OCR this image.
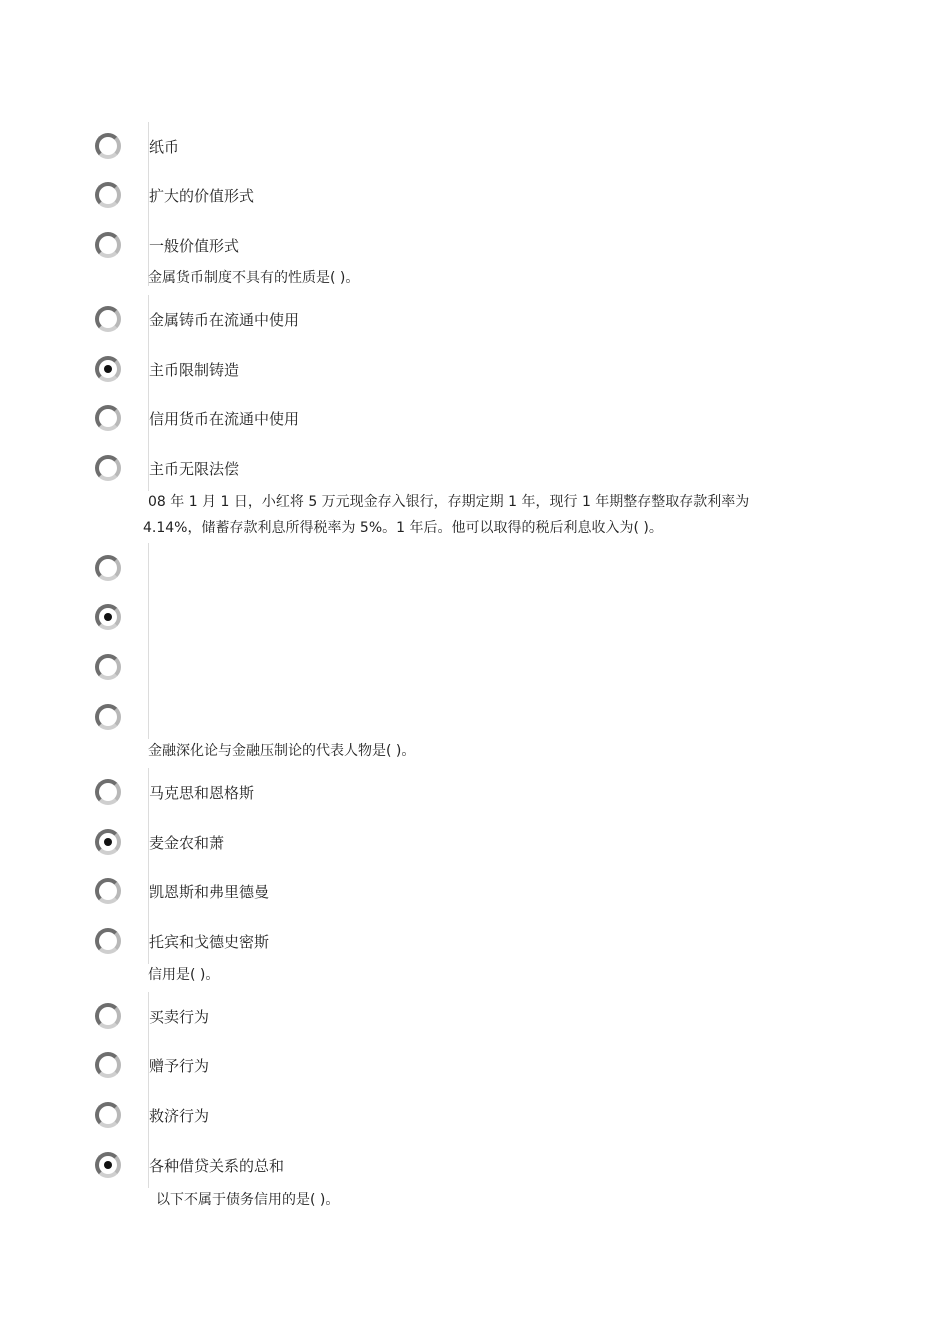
纸币
扩大的价值形式
一般价值形式
金属货币制度不具有的性质是( )。
金属铸币在流通中使用
主币限制铸造
信用货币在流通中使用
主币无限法偿
08 年 1 月 1 日，小红将 5 万元现金存入银行，存期定期 1 年，现行 1 年期整存整取存款利率为
4.14%，储蓄存款利息所得税率为 5%。1 年后。他可以取得的税后利息收入为( )。
金融深化论与金融压制论的代表人物是( )。
马克思和恩格斯
麦金农和萧
凯恩斯和弗里德曼
托宾和戈德史密斯
信用是( )。
买卖行为
赠予行为
救济行为
各种借贷关系的总和
以下不属于债务信用的是( )。
